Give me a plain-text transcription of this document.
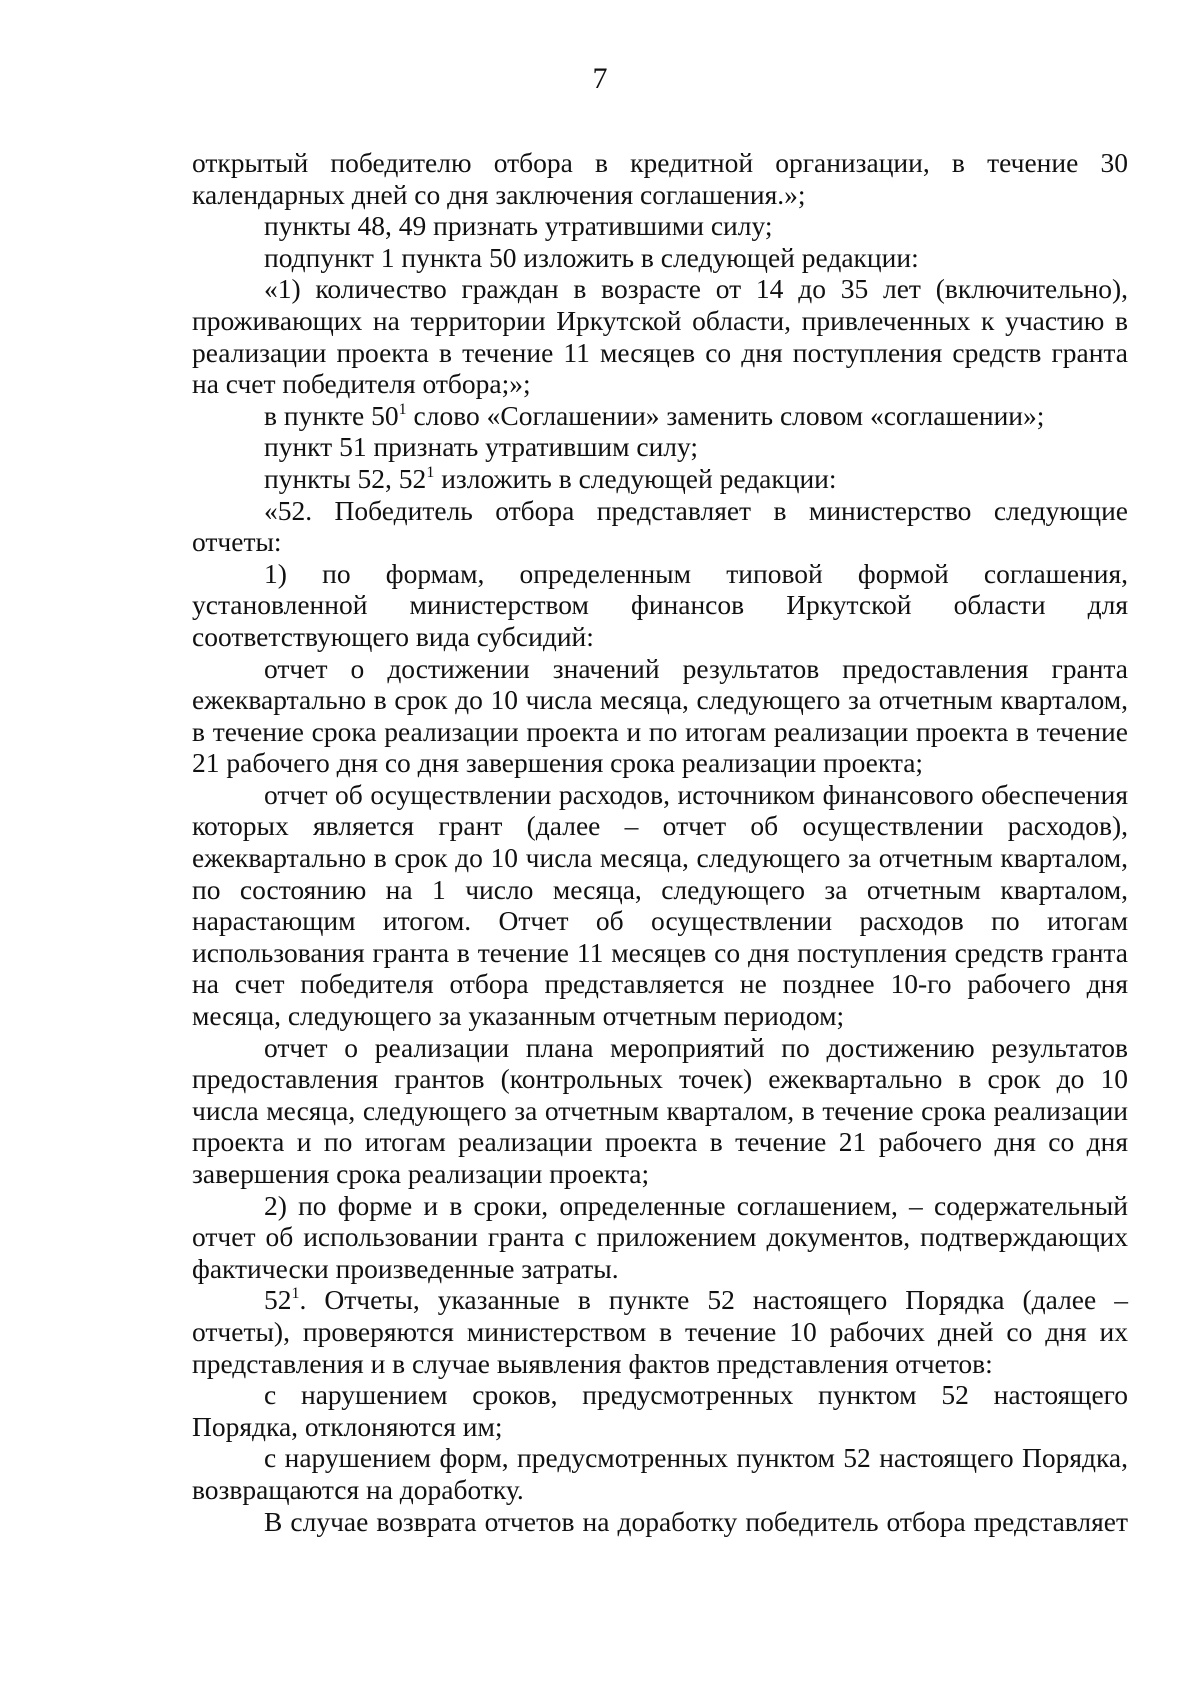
7

открытый победителю отбора в кредитной организации, в течение 30 календарных дней со дня заключения соглашения.»;

пункты 48, 49 признать утратившими силу;

подпункт 1 пункта 50 изложить в следующей редакции:

«1) количество граждан в возрасте от 14 до 35 лет (включительно), проживающих на территории Иркутской области, привлеченных к участию в реализации проекта в течение 11 месяцев со дня поступления средств гранта на счет победителя отбора;»;

в пункте $50^1$ слово «Соглашении» заменить словом «соглашении»;

пункт 51 признать утратившим силу;

пункты 52, $52^1$ изложить в следующей редакции:

«52. Победитель отбора представляет в министерство следующие отчеты:

1) по формам, определенным типовой формой соглашения, установленной министерством финансов Иркутской области для соответствующего вида субсидий:

отчет о достижении значений результатов предоставления гранта ежеквартально в срок до 10 числа месяца, следующего за отчетным кварталом, в течение срока реализации проекта и по итогам реализации проекта в течение 21 рабочего дня со дня завершения срока реализации проекта;

отчет об осуществлении расходов, источником финансового обеспечения которых является грант (далее – отчет об осуществлении расходов), ежеквартально в срок до 10 числа месяца, следующего за отчетным кварталом, по состоянию на 1 число месяца, следующего за отчетным кварталом, нарастающим итогом. Отчет об осуществлении расходов по итогам использования гранта в течение 11 месяцев со дня поступления средств гранта на счет победителя отбора представляется не позднее 10-го рабочего дня месяца, следующего за указанным отчетным периодом;

отчет о реализации плана мероприятий по достижению результатов предоставления грантов (контрольных точек) ежеквартально в срок до 10 числа месяца, следующего за отчетным кварталом, в течение срока реализации проекта и по итогам реализации проекта в течение 21 рабочего дня со дня завершения срока реализации проекта;

2) по форме и в сроки, определенные соглашением, – содержательный отчет об использовании гранта с приложением документов, подтверждающих фактически произведенные затраты.

$52^1$. Отчеты, указанные в пункте 52 настоящего Порядка (далее – отчеты), проверяются министерством в течение 10 рабочих дней со дня их представления и в случае выявления фактов представления отчетов:

с нарушением сроков, предусмотренных пунктом 52 настоящего Порядка, отклоняются им;

с нарушением форм, предусмотренных пунктом 52 настоящего Порядка, возвращаются на доработку.

В случае возврата отчетов на доработку победитель отбора представляет
